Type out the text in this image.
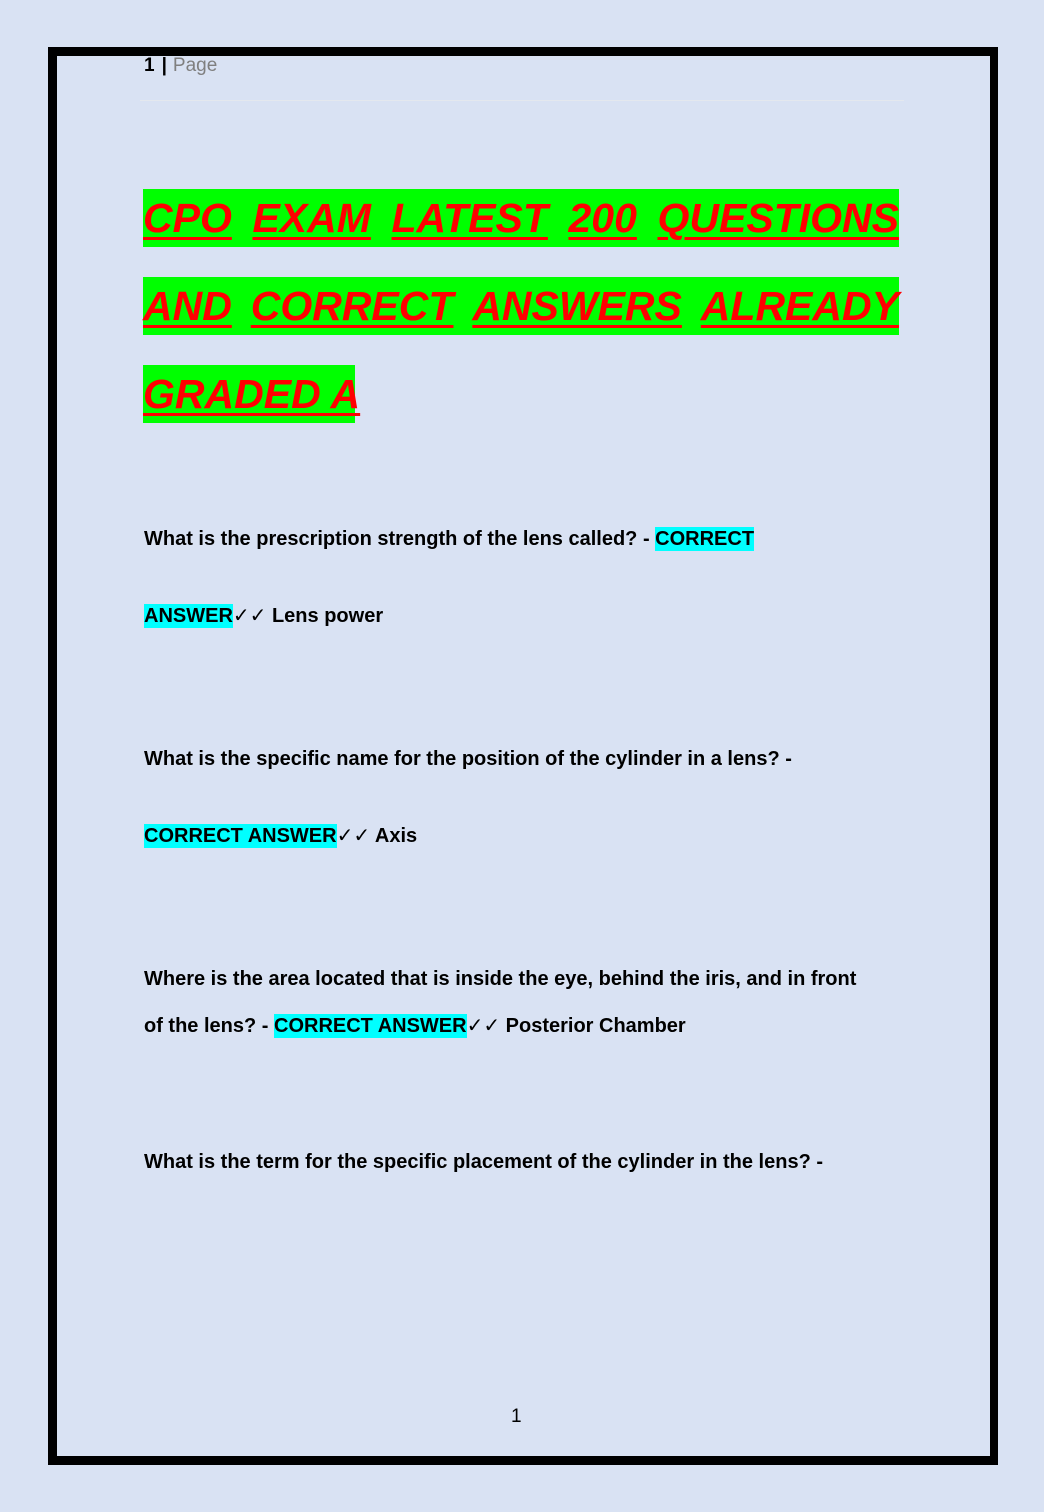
1 | Page
CPO EXAM LATEST 200 QUESTIONS
AND CORRECT ANSWERS ALREADY
GRADED A
What is the prescription strength of the lens called? - CORRECT
ANSWER✓✓ Lens power
What is the specific name for the position of the cylinder in a lens? -
CORRECT ANSWER✓✓ Axis
Where is the area located that is inside the eye, behind the iris, and in front
of the lens? - CORRECT ANSWER✓✓ Posterior Chamber
What is the term for the specific placement of the cylinder in the lens? -
1
